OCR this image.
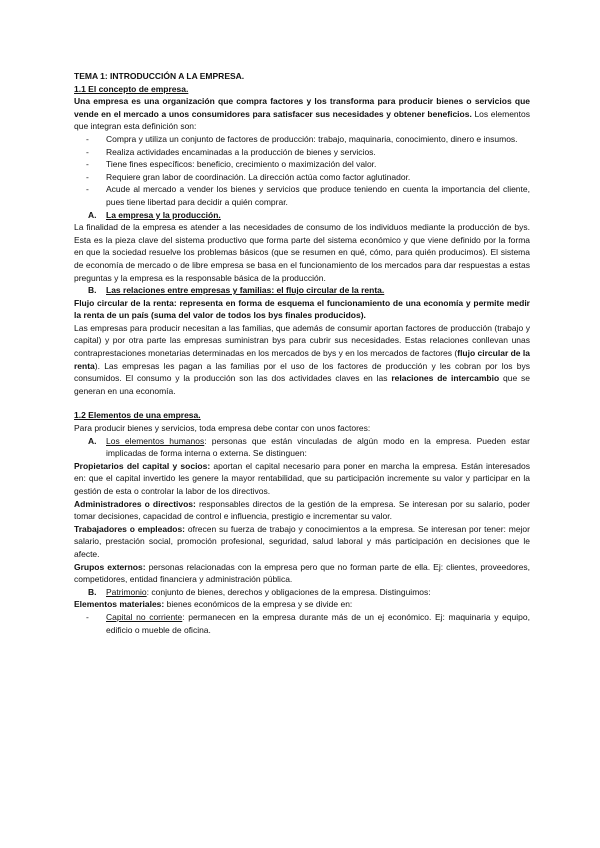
TEMA 1: INTRODUCCIÓN A LA EMPRESA.

1.1 El concepto de empresa.

Una empresa es una organización que compra factores y los transforma para producir bienes o servicios que vende en el mercado a unos consumidores para satisfacer sus necesidades y obtener beneficios. Los elementos que integran esta definición son:

- Compra y utiliza un conjunto de factores de producción: trabajo, maquinaria, conocimiento, dinero e insumos.
- Realiza actividades encaminadas a la producción de bienes y servicios.
- Tiene fines específicos: beneficio, crecimiento o maximización del valor.
- Requiere gran labor de coordinación. La dirección actúa como factor aglutinador.
- Acude al mercado a vender los bienes y servicios que produce teniendo en cuenta la importancia del cliente, pues tiene libertad para decidir a quién comprar.

A. La empresa y la producción.

La finalidad de la empresa es atender a las necesidades de consumo de los individuos mediante la producción de bys. Esta es la pieza clave del sistema productivo que forma parte del sistema económico y que viene definido por la forma en que la sociedad resuelve los problemas básicos (que se resumen en qué, cómo, para quién producimos). El sistema de economía de mercado o de libre empresa se basa en el funcionamiento de los mercados para dar respuestas a estas preguntas y la empresa es la responsable básica de la producción.

B. Las relaciones entre empresas y familias: el flujo circular de la renta.

Flujo circular de la renta: representa en forma de esquema el funcionamiento de una economía y permite medir la renta de un país (suma del valor de todos los bys finales producidos).

Las empresas para producir necesitan a las familias, que además de consumir aportan factores de producción (trabajo y capital) y por otra parte las empresas suministran bys para cubrir sus necesidades. Estas relaciones conllevan unas contraprestaciones monetarias determinadas en los mercados de bys y en los mercados de factores (flujo circular de la renta). Las empresas les pagan a las familias por el uso de los factores de producción y les cobran por los bys consumidos. El consumo y la producción son las dos actividades claves en las relaciones de intercambio que se generan en una economía.

1.2 Elementos de una empresa.

Para producir bienes y servicios, toda empresa debe contar con unos factores:

A. Los elementos humanos: personas que están vinculadas de algún modo en la empresa. Pueden estar implicadas de forma interna o externa. Se distinguen:

Propietarios del capital y socios: aportan el capital necesario para poner en marcha la empresa. Están interesados en: que el capital invertido les genere la mayor rentabilidad, que su participación incremente su valor y participar en la gestión de esta o controlar la labor de los directivos.

Administradores o directivos: responsables directos de la gestión de la empresa. Se interesan por su salario, poder tomar decisiones, capacidad de control e influencia, prestigio e incrementar su valor.

Trabajadores o empleados: ofrecen su fuerza de trabajo y conocimientos a la empresa. Se interesan por tener: mejor salario, prestación social, promoción profesional, seguridad, salud laboral y más participación en decisiones que le afecte.

Grupos externos: personas relacionadas con la empresa pero que no forman parte de ella. Ej: clientes, proveedores, competidores, entidad financiera y administración pública.

B. Patrimonio: conjunto de bienes, derechos y obligaciones de la empresa. Distinguimos:

Elementos materiales: bienes económicos de la empresa y se divide en:

- Capital no corriente: permanecen en la empresa durante más de un ej económico. Ej: maquinaria y equipo, edificio o mueble de oficina.
